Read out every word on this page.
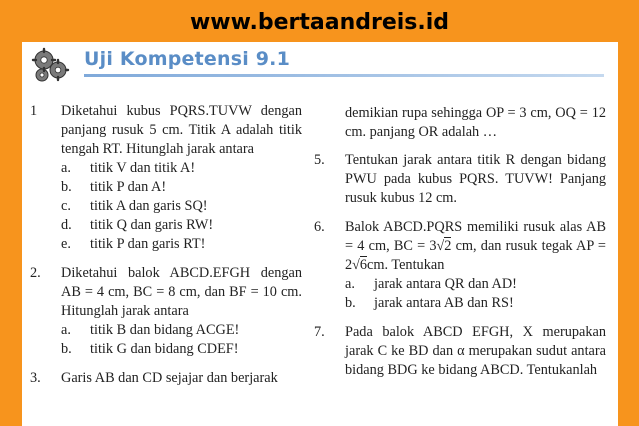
www.bertaandreis.id
Uji Kompetensi 9.1
1 Diketahui kubus PQRS.TUVW dengan panjang rusuk 5 cm. Titik A adalah titik tengah RT. Hitunglah jarak antara
a. titik V dan titik A!
b. titik P dan A!
c. titik A dan garis SQ!
d. titik Q dan garis RW!
e. titik P dan garis RT!
2. Diketahui balok ABCD.EFGH dengan AB = 4 cm, BC = 8 cm, dan BF = 10 cm. Hitunglah jarak antara
a. titik B dan bidang ACGE!
b. titik G dan bidang CDEF!
3. Garis AB dan CD sejajar dan berjarak
demikian rupa sehingga OP = 3 cm, OQ = 12 cm. panjang OR adalah …
5. Tentukan jarak antara titik R dengan bidang PWU pada kubus PQRS. TUVW! Panjang rusuk kubus 12 cm.
6. Balok ABCD.PQRS memiliki rusuk alas AB = 4 cm, BC = 3√2 cm, dan rusuk tegak AP = 2√6cm. Tentukan
a. jarak antara QR dan AD!
b. jarak antara AB dan RS!
7. Pada balok ABCD EFGH, X merupakan jarak C ke BD dan α merupakan sudut antara bidang BDG ke bidang ABCD. Tentukanlah
